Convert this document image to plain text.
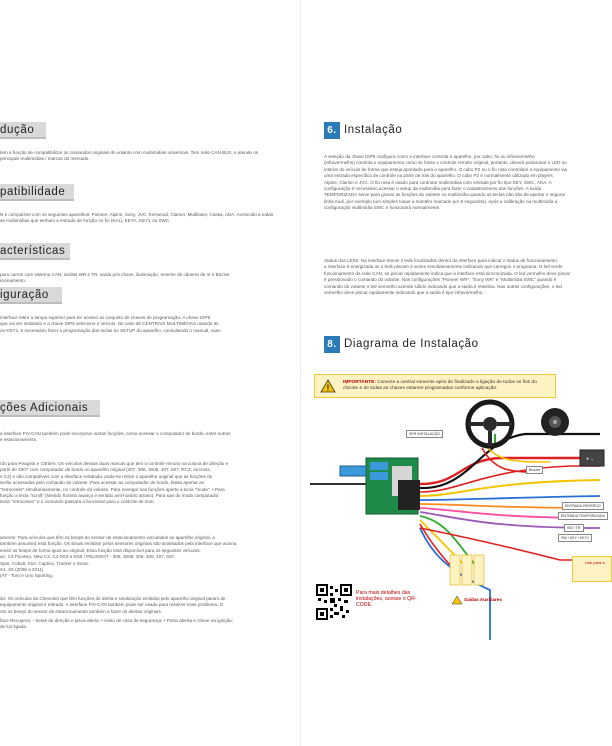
dução
tem a função de compatibilizar os comandos originais do volante com multimídias universais. Tem rede CAN BUS, e atende os principais multimídias / marcas do mercado.
patibilidade
N é compatível com os seguintes aparelhos: Pioneer, Alpine, Sony, JVC, Kenwood, Clarion, Multilaser, Caska, ADA. Acrescido a todas as multimídias que tenham a entrada de função no fio (Ke1), KEYA, KEY1 ou SWC.
acterísticas
para carros com sistema CAN, saídas WR e TR, saída pós chave, iluminação, reverse de câmera de ré e Buzzer
icionamento.
iguração
interface retire a tampa superior para ter acesso ao conjunto de chaves de programação. A chave DIP6
que vai ser instalado e a chave DIP6 selecione o veículo. No caso de CENTRAIS MULTIMÍDIAS usando as
ou KEY1, é necessário fazer a programação das teclas no SETUP do aparelho, consultando o manual, caso
ções Adicionais
a interface FIV-CAN também pode incorporar outras funções, como acessar o computador de bordo, entre outras
e estacionamento.
rdo para Peugeot e Citröen: Os veículos dessas duas marcas que tem o controle remoto na coluna de direção e
partir de 2007 com computador de bordo no aparelho original (307, 308, 3008, 407, 607, RCZ, Aircross,
e C4) e são compatíveis com a interface instalada, pode-se retirar o aparelho original que as funções do
serão acessadas pelo comando do volante. Para acessar ao computador de bordo, basta apertar as
"retroceder" simultaneamente, no controle do volante. Para navegar nas funções aperte a tecla "mode". • Para
função a tecla "scroll" (sentido horário avanço e sentido anti-horário atraso). Para sair do modo computador
tecla "retrocesso" e o comando passará a funcionar para o controle de som.
amento: Para veículos que têm os beeps do sensor de estacionamento vinculados ao aparelho original, a
também assumirá esta função. Os sinais emitidos pelos sensores originais são analisados pela interface que aciona
emitir os beeps de forma igual ao original. Essa função está disponível para os seguintes veículos:
an, C3 Picasso, New C3, C4 DS3 e DS5 / PEUGEOT - 208, 3008, 308, 408, 407, 607.
Spin, Cobalt, S10, Captiva, Tracker e Sonic.
X1, X5 (2006 a 2011).
(AT - Toro e Uno Sporting.
ão: Os veículos da Chevrolet que têm funções de alerta e sinalização emitidos pelo aparelho original param de
equipamento original é retirado. A interface FIV-CAN também pode ser usada para resolver esse problema. O
nto os beeps do sensor de estacionamento também a fazer os alertas originais.
face Recupera: - Setas de direção e pisca-alerta; • Aviso de cinto de segurança; • Porta aberta e chave na ignição;
de luz ligada.
6. Instalação
A seleção da chave DIP6 configura como a interface controla o aparelho, por cabo, fio ou infravermelho
(infravermelho) controla o equipamento como se fosse o controle remoto original, portanto, deverá posicionar o LED no
interior do veículo de forma que esteja apontado para o aparelho. O cabo P2 ou o fio rosa controlam o equipamento via
uma entrada específica de controle na parte de trás do aparelho. O cabo P2 é normalmente utilizado em players
Alpine, Clarion e JVC. O fio rosa é usado para controlar multimídias com entrada por fio tipo KEY, SWC, ADA. A
configuração é necessário acessar o setup da multimídia para fazer o cadastramento das funções. A saída
TEMPORIZADA serve para gravar as funções do volante na multimídia quando as teclas não são de apertar e segurar
linha Audi, por exemplo (um simples toque a mantém marcado por 5 segundos). Após a calibração na multimídia a
configuração multimídia SWC e funcionará normalmente.
Status dos LEDs: Na interface temos 2 leds localizados dentro da interface para indicar o status de funcionamento.
a interface é energizada os 2 leds piscam 3 vezes simultaneamente indicando que carregou o programa. O led verde
funcionamento da rede CAN, se piscar rapidamente indica que a interface está sincronizada. O led vermelho deve piscar
é pressionado o comando do volante. Nas configurações "Pioneer WR", "Sony WR" e "Multimídia SWC" quando é
comando do volante o led vermelho acende sólido indicando que a saída é resistiva. Nas outras configurações, o led
vermelho deve piscar rapidamente indicando que a saída é tipo infravermelho.
8. Diagrama de Instalação
!
IMPORTANTE: Conecte a central somente após de finalizado a ligação de todos os fios do chicote e de todas as chaves estarem programadas conforme aplicação.
+ -
SER INSTALAÇÃO
Buzzer
ENTRADA REVERSO
ENTRADA TEMPORIZADA
SW / TR
SW / KEY / KEY1
Use para a
Saídas Auxiliares
Para mais detalhes das instalações, acesse o QR-CODE.
